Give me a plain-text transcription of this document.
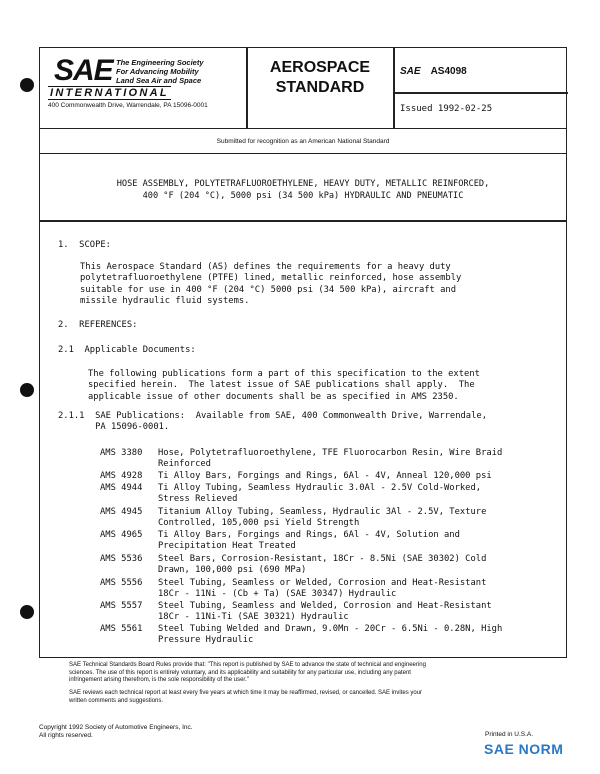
SAE The Engineering Society
For Advancing Mobility
Land Sea Air and Space
INTERNATIONAL
400 Commonwealth Drive, Warrendale, PA 15096-0001
AEROSPACE
STANDARD
SAE AS4098
Issued 1992-02-25
Submitted for recognition as an American National Standard
HOSE ASSEMBLY, POLYTETRAFLUOROETHYLENE, HEAVY DUTY, METALLIC REINFORCED,
400 °F (204 °C), 5000 psi (34 500 kPa) HYDRAULIC AND PNEUMATIC
1.  SCOPE:
This Aerospace Standard (AS) defines the requirements for a heavy duty
polytetrafluoroethylene (PTFE) lined, metallic reinforced, hose assembly
suitable for use in 400 °F (204 °C) 5000 psi (34 500 kPa), aircraft and
missile hydraulic fluid systems.
2.  REFERENCES:
2.1  Applicable Documents:
The following publications form a part of this specification to the extent
specified herein.  The latest issue of SAE publications shall apply.  The
applicable issue of other documents shall be as specified in AMS 2350.
2.1.1  SAE Publications:  Available from SAE, 400 Commonwealth Drive, Warrendale,
PA 15096-0001.
AMS 3380 Hose, Polytetrafluoroethylene, TFE Fluorocarbon Resin, Wire Braid
Reinforced
AMS 4928 Ti Alloy Bars, Forgings and Rings, 6Al - 4V, Anneal 120,000 psi
AMS 4944 Ti Alloy Tubing, Seamless Hydraulic 3.0Al - 2.5V Cold-Worked,
Stress Relieved
AMS 4945 Titanium Alloy Tubing, Seamless, Hydraulic 3Al - 2.5V, Texture
Controlled, 105,000 psi Yield Strength
AMS 4965 Ti Alloy Bars, Forgings and Rings, 6Al - 4V, Solution and
Precipitation Heat Treated
AMS 5536 Steel Bars, Corrosion-Resistant, 18Cr - 8.5Ni (SAE 30302) Cold
Drawn, 100,000 psi (690 MPa)
AMS 5556 Steel Tubing, Seamless or Welded, Corrosion and Heat-Resistant
18Cr - 11Ni - (Cb + Ta) (SAE 30347) Hydraulic
AMS 5557 Steel Tubing, Seamless and Welded, Corrosion and Heat-Resistant
18Cr - 11Ni-Ti (SAE 30321) Hydraulic
AMS 5561 Steel Tubing Welded and Drawn, 9.0Mn - 20Cr - 6.5Ni - 0.28N, High
Pressure Hydraulic
SAE Technical Standards Board Rules provide that: "This report is published by SAE to advance the state of technical and engineering
sciences. The use of this report is entirely voluntary, and its applicability and suitability for any particular use, including any patent
infringement arising therefrom, is the sole responsibility of the user."
SAE reviews each technical report at least every five years at which time it may be reaffirmed, revised, or cancelled. SAE invites your
written comments and suggestions.
Copyright 1992 Society of Automotive Engineers, Inc.
All rights reserved.	Printed in U.S.A.
SAE NORM
